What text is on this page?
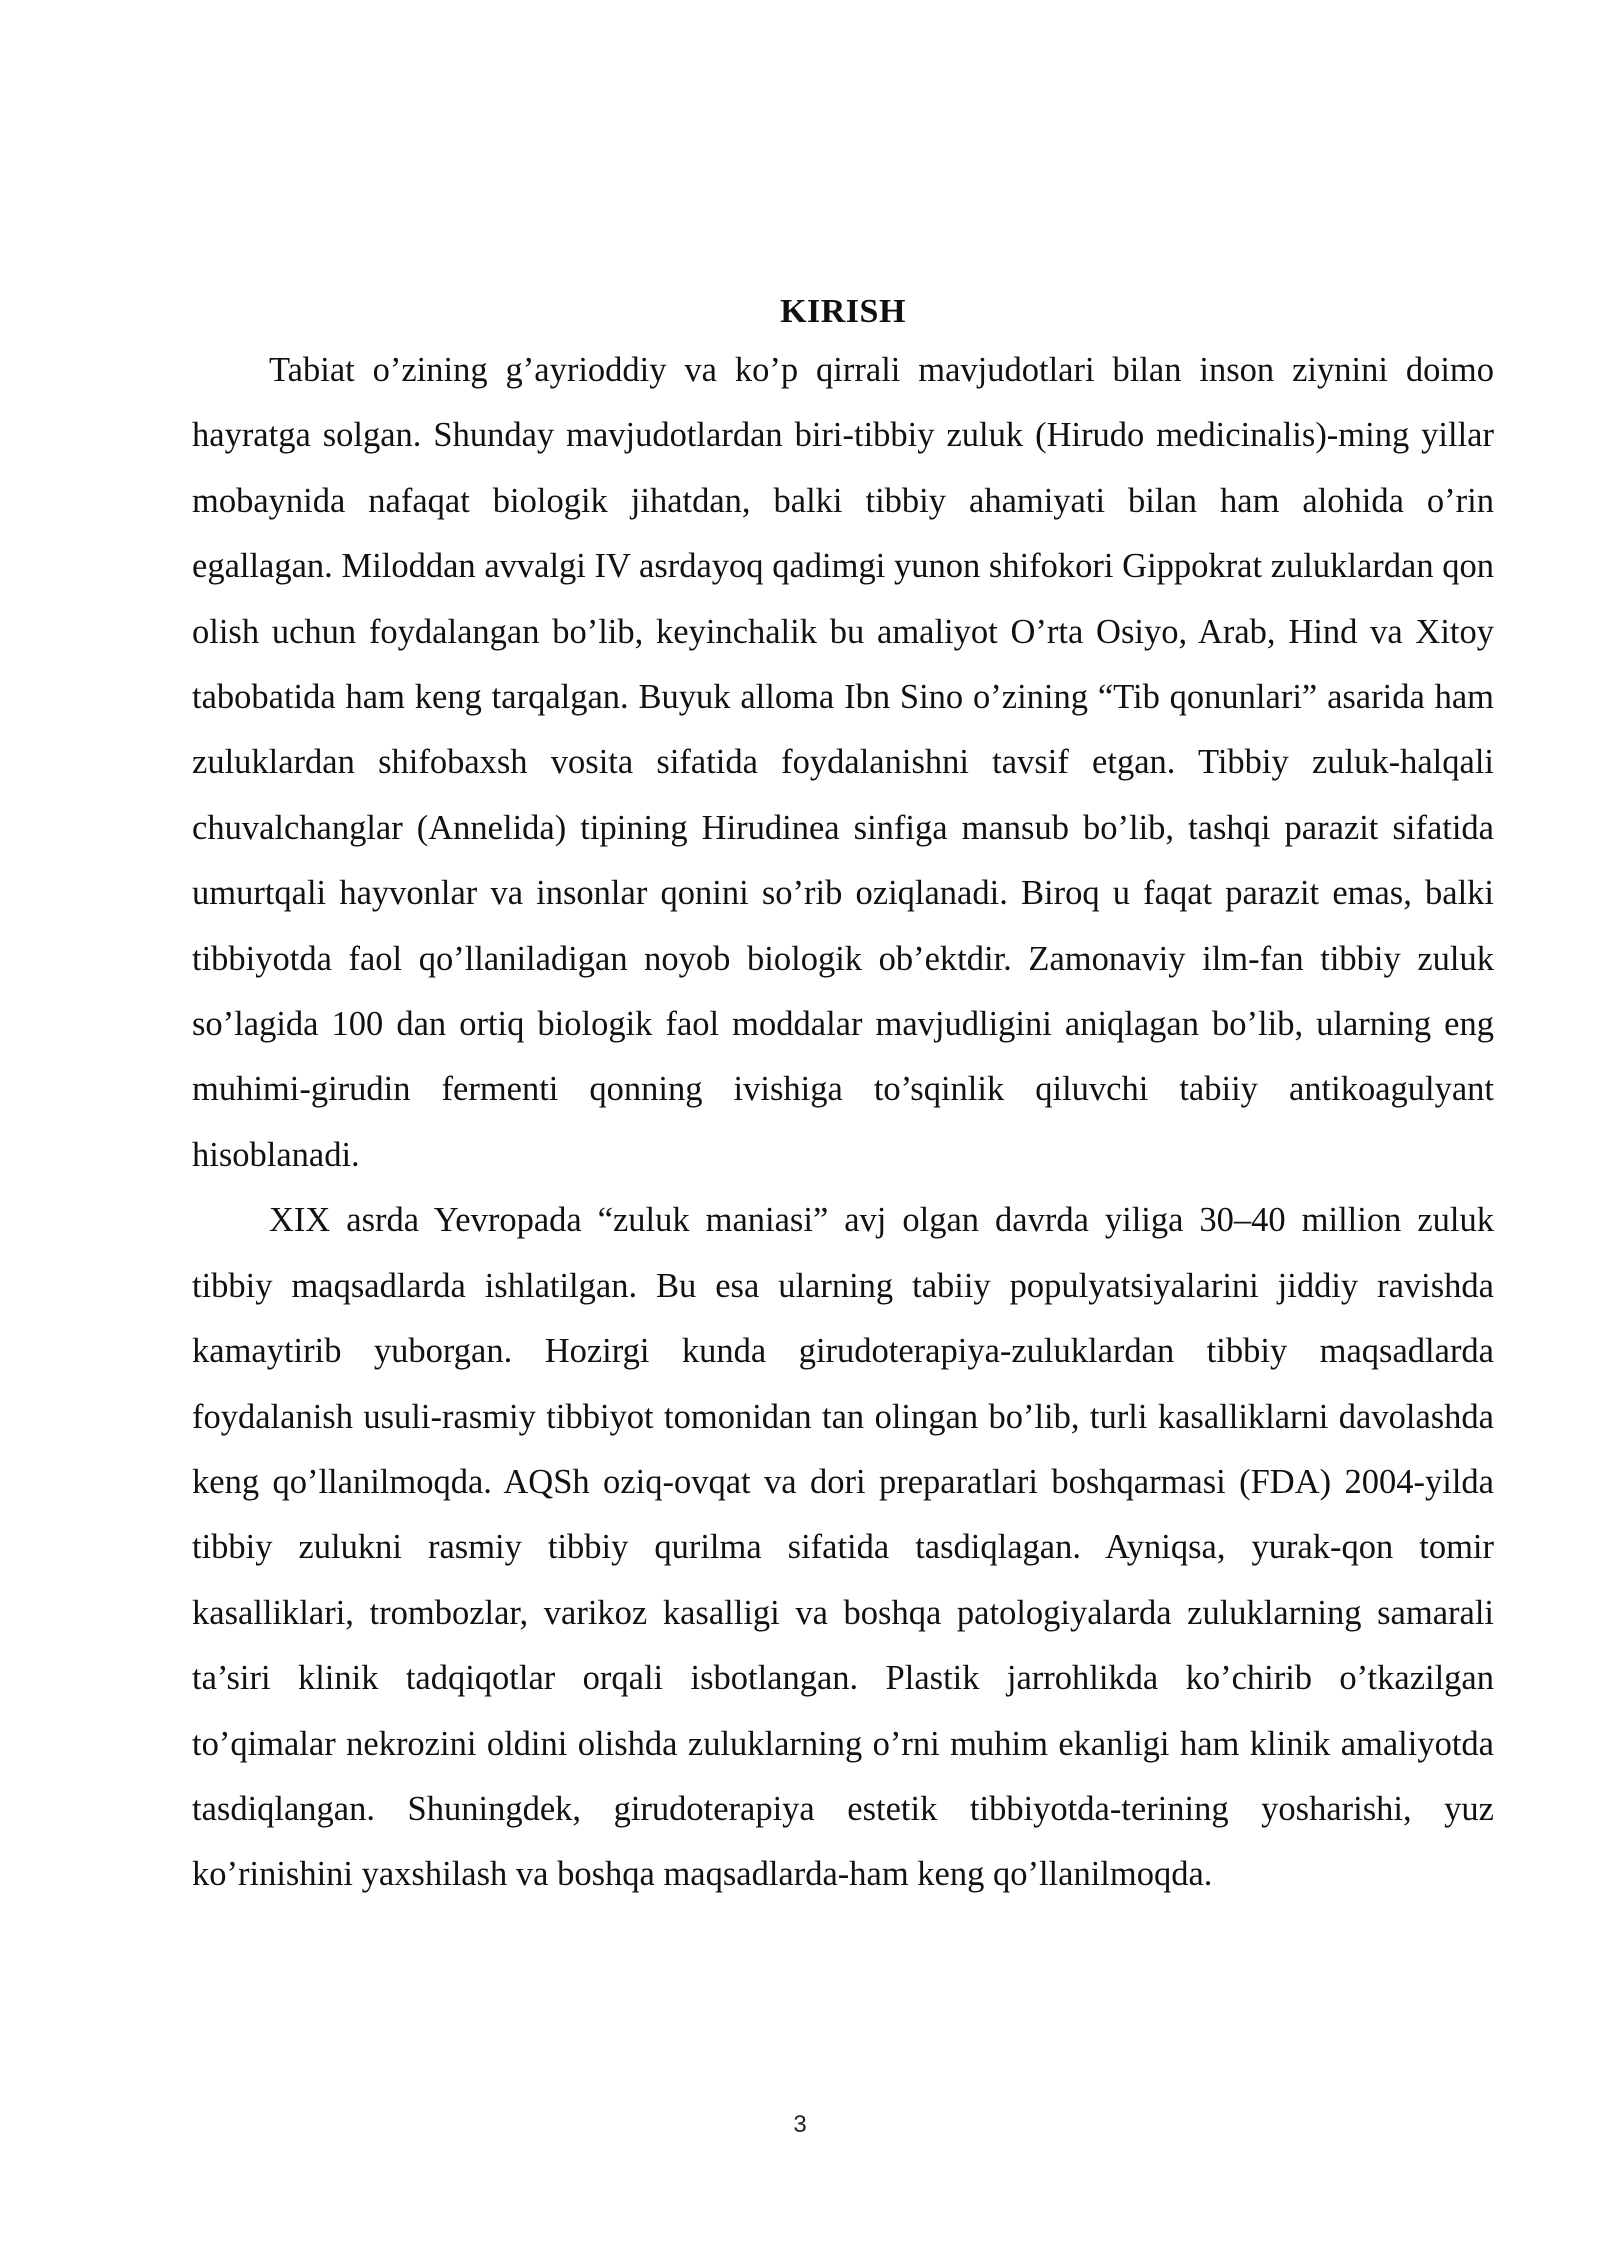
KIRISH

Tabiat o’zining g’ayrioddiy va ko’p qirrali mavjudotlari bilan inson ziynini doimo hayratga solgan. Shunday mavjudotlardan biri-tibbiy zuluk (Hirudo medicinalis)-ming yillar mobaynida nafaqat biologik jihatdan, balki tibbiy ahamiyati bilan ham alohida o’rin egallagan. Miloddan avvalgi IV asrdayoq qadimgi yunon shifokori Gippokrat zuluklardan qon olish uchun foydalangan bo’lib, keyinchalik bu amaliyot O’rta Osiyo, Arab, Hind va Xitoy tabobatida ham keng tarqalgan. Buyuk alloma Ibn Sino o’zining “Tib qonunlari” asarida ham zuluklardan shifobaxsh vosita sifatida foydalanishni tavsif etgan. Tibbiy zuluk-halqali chuvalchanglar (Annelida) tipining Hirudinea sinfiga mansub bo’lib, tashqi parazit sifatida umurtqali hayvonlar va insonlar qonini so’rib oziqlanadi. Biroq u faqat parazit emas, balki tibbiyotda faol qo’llaniladigan noyob biologik ob’ektdir. Zamonaviy ilm-fan tibbiy zuluk so’lagida 100 dan ortiq biologik faol moddalar mavjudligini aniqlagan bo’lib, ularning eng muhimi-girudin fermenti qonning ivishiga to’sqinlik qiluvchi tabiiy antikoagulyant hisoblanadi.

XIX asrda Yevropada “zuluk maniasi” avj olgan davrda yiliga 30–40 million zuluk tibbiy maqsadlarda ishlatilgan. Bu esa ularning tabiiy populyatsiyalarini jiddiy ravishda kamaytirib yuborgan. Hozirgi kunda girudoterapiya-zuluklardan tibbiy maqsadlarda foydalanish usuli-rasmiy tibbiyot tomonidan tan olingan bo’lib, turli kasalliklarni davolashda keng qo’llanilmoqda. AQSh oziq-ovqat va dori preparatlari boshqarmasi (FDA) 2004-yilda tibbiy zulukni rasmiy tibbiy qurilma sifatida tasdiqlagan. Ayniqsa, yurak-qon tomir kasalliklari, trombozlar, varikoz kasalligi va boshqa patologiyalarda zuluklarning samarali ta’siri klinik tadqiqotlar orqali isbotlangan. Plastik jarrohlikda ko’chirib o’tkazilgan to’qimalar nekrozini oldini olishda zuluklarning o’rni muhim ekanligi ham klinik amaliyotda tasdiqlangan. Shuningdek, girudoterapiya estetik tibbiyotda-terining yosharishi, yuz ko’rinishini yaxshilash va boshqa maqsadlarda-ham keng qo’llanilmoqda.

3
